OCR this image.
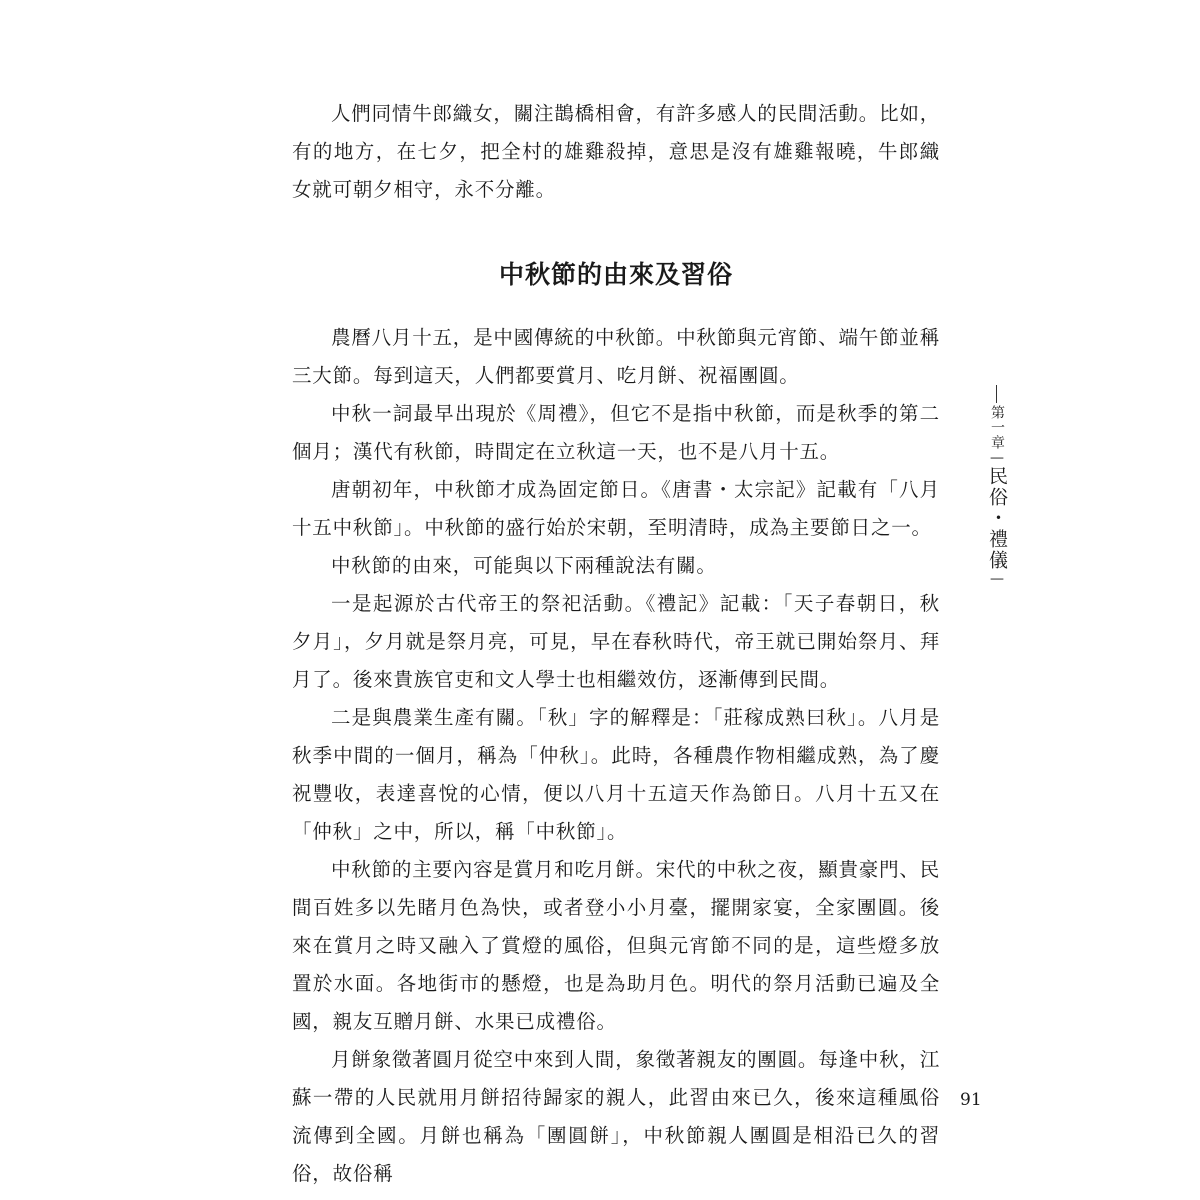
人們同情牛郎織女，關注鵲橋相會，有許多感人的民間活動。比如，有的地方，在七夕，把全村的雄雞殺掉，意思是沒有雄雞報曉，牛郎織女就可朝夕相守，永不分離。

中秋節的由來及習俗

農曆八月十五，是中國傳統的中秋節。中秋節與元宵節、端午節並稱三大節。每到這天，人們都要賞月、吃月餅、祝福團圓。

中秋一詞最早出現於《周禮》，但它不是指中秋節，而是秋季的第二個月；漢代有秋節，時間定在立秋這一天，也不是八月十五。

唐朝初年，中秋節才成為固定節日。《唐書・太宗記》記載有「八月十五中秋節」。中秋節的盛行始於宋朝，至明清時，成為主要節日之一。

中秋節的由來，可能與以下兩種說法有關。

一是起源於古代帝王的祭祀活動。《禮記》記載：「天子春朝日，秋夕月」，夕月就是祭月亮，可見，早在春秋時代，帝王就已開始祭月、拜月了。後來貴族官吏和文人學士也相繼效仿，逐漸傳到民間。

二是與農業生產有關。「秋」字的解釋是：「莊稼成熟曰秋」。八月是秋季中間的一個月，稱為「仲秋」。此時，各種農作物相繼成熟，為了慶祝豐收，表達喜悅的心情，便以八月十五這天作為節日。八月十五又在「仲秋」之中，所以，稱「中秋節」。

中秋節的主要內容是賞月和吃月餅。宋代的中秋之夜，顯貴豪門、民間百姓多以先睹月色為快，或者登小小月臺，擺開家宴，全家團圓。後來在賞月之時又融入了賞燈的風俗，但與元宵節不同的是，這些燈多放置於水面。各地街市的懸燈，也是為助月色。明代的祭月活動已遍及全國，親友互贈月餅、水果已成禮俗。

月餅象徵著圓月從空中來到人間，象徵著親友的團圓。每逢中秋，江蘇一帶的人民就用月餅招待歸家的親人，此習由來已久，後來這種風俗流傳到全國。月餅也稱為「團圓餅」，中秋節親人團圓是相沿已久的習俗，故俗稱

第一章—民俗・禮儀—
91
